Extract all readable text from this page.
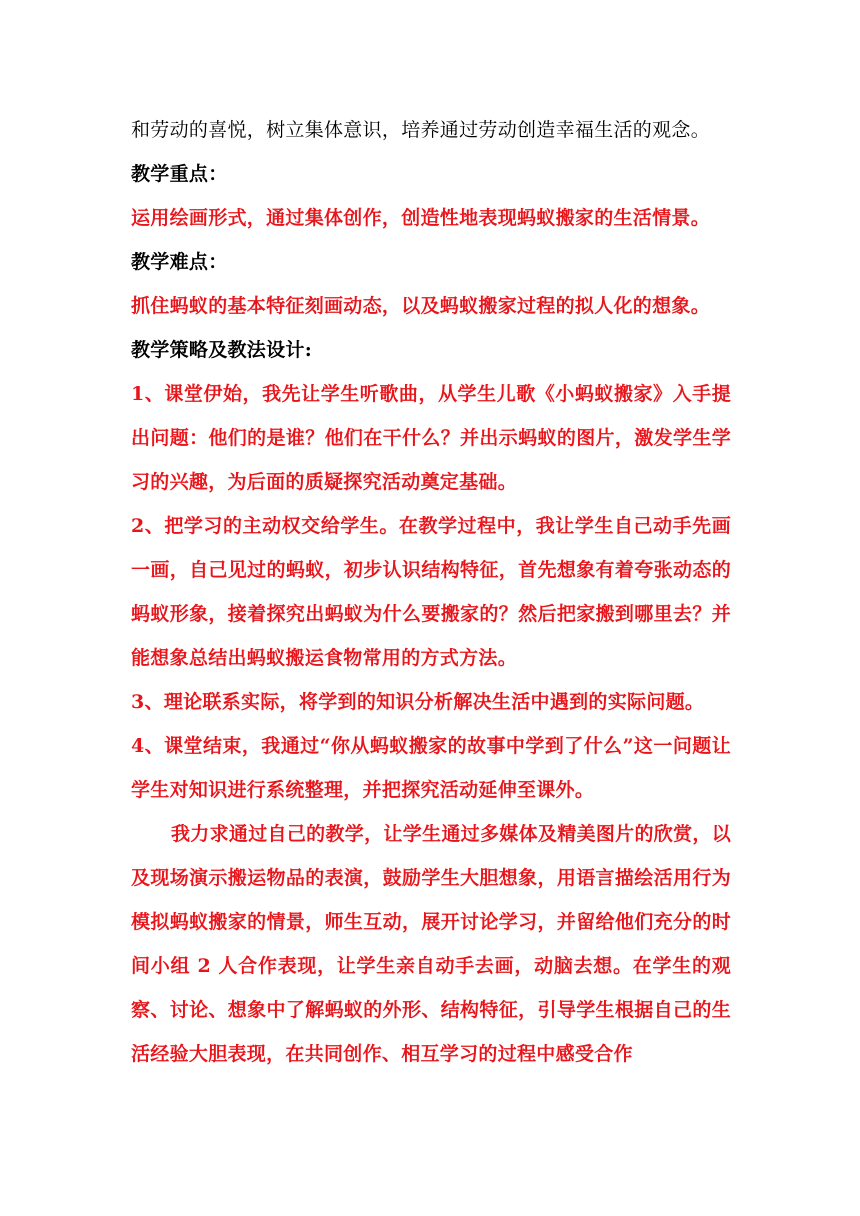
和劳动的喜悦，树立集体意识，培养通过劳动创造幸福生活的观念。

教学重点：

运用绘画形式，通过集体创作，创造性地表现蚂蚁搬家的生活情景。

教学难点：

抓住蚂蚁的基本特征刻画动态，以及蚂蚁搬家过程的拟人化的想象。

教学策略及教法设计:

1、课堂伊始，我先让学生听歌曲，从学生儿歌《小蚂蚁搬家》入手提出问题：他们的是谁？他们在干什么？并出示蚂蚁的图片，激发学生学习的兴趣，为后面的质疑探究活动奠定基础。

2、把学习的主动权交给学生。在教学过程中，我让学生自己动手先画一画，自己见过的蚂蚁，初步认识结构特征，首先想象有着夸张动态的蚂蚁形象，接着探究出蚂蚁为什么要搬家的？然后把家搬到哪里去？并能想象总结出蚂蚁搬运食物常用的方式方法。

3、理论联系实际，将学到的知识分析解决生活中遇到的实际问题。

4、课堂结束，我通过“你从蚂蚁搬家的故事中学到了什么”这一问题让学生对知识进行系统整理，并把探究活动延伸至课外。

我力求通过自己的教学，让学生通过多媒体及精美图片的欣赏，以及现场演示搬运物品的表演，鼓励学生大胆想象，用语言描绘活用行为模拟蚂蚁搬家的情景，师生互动，展开讨论学习，并留给他们充分的时间小组 2 人合作表现，让学生亲自动手去画，动脑去想。在学生的观察、讨论、想象中了解蚂蚁的外形、结构特征，引导学生根据自己的生活经验大胆表现，在共同创作、相互学习的过程中感受合作
